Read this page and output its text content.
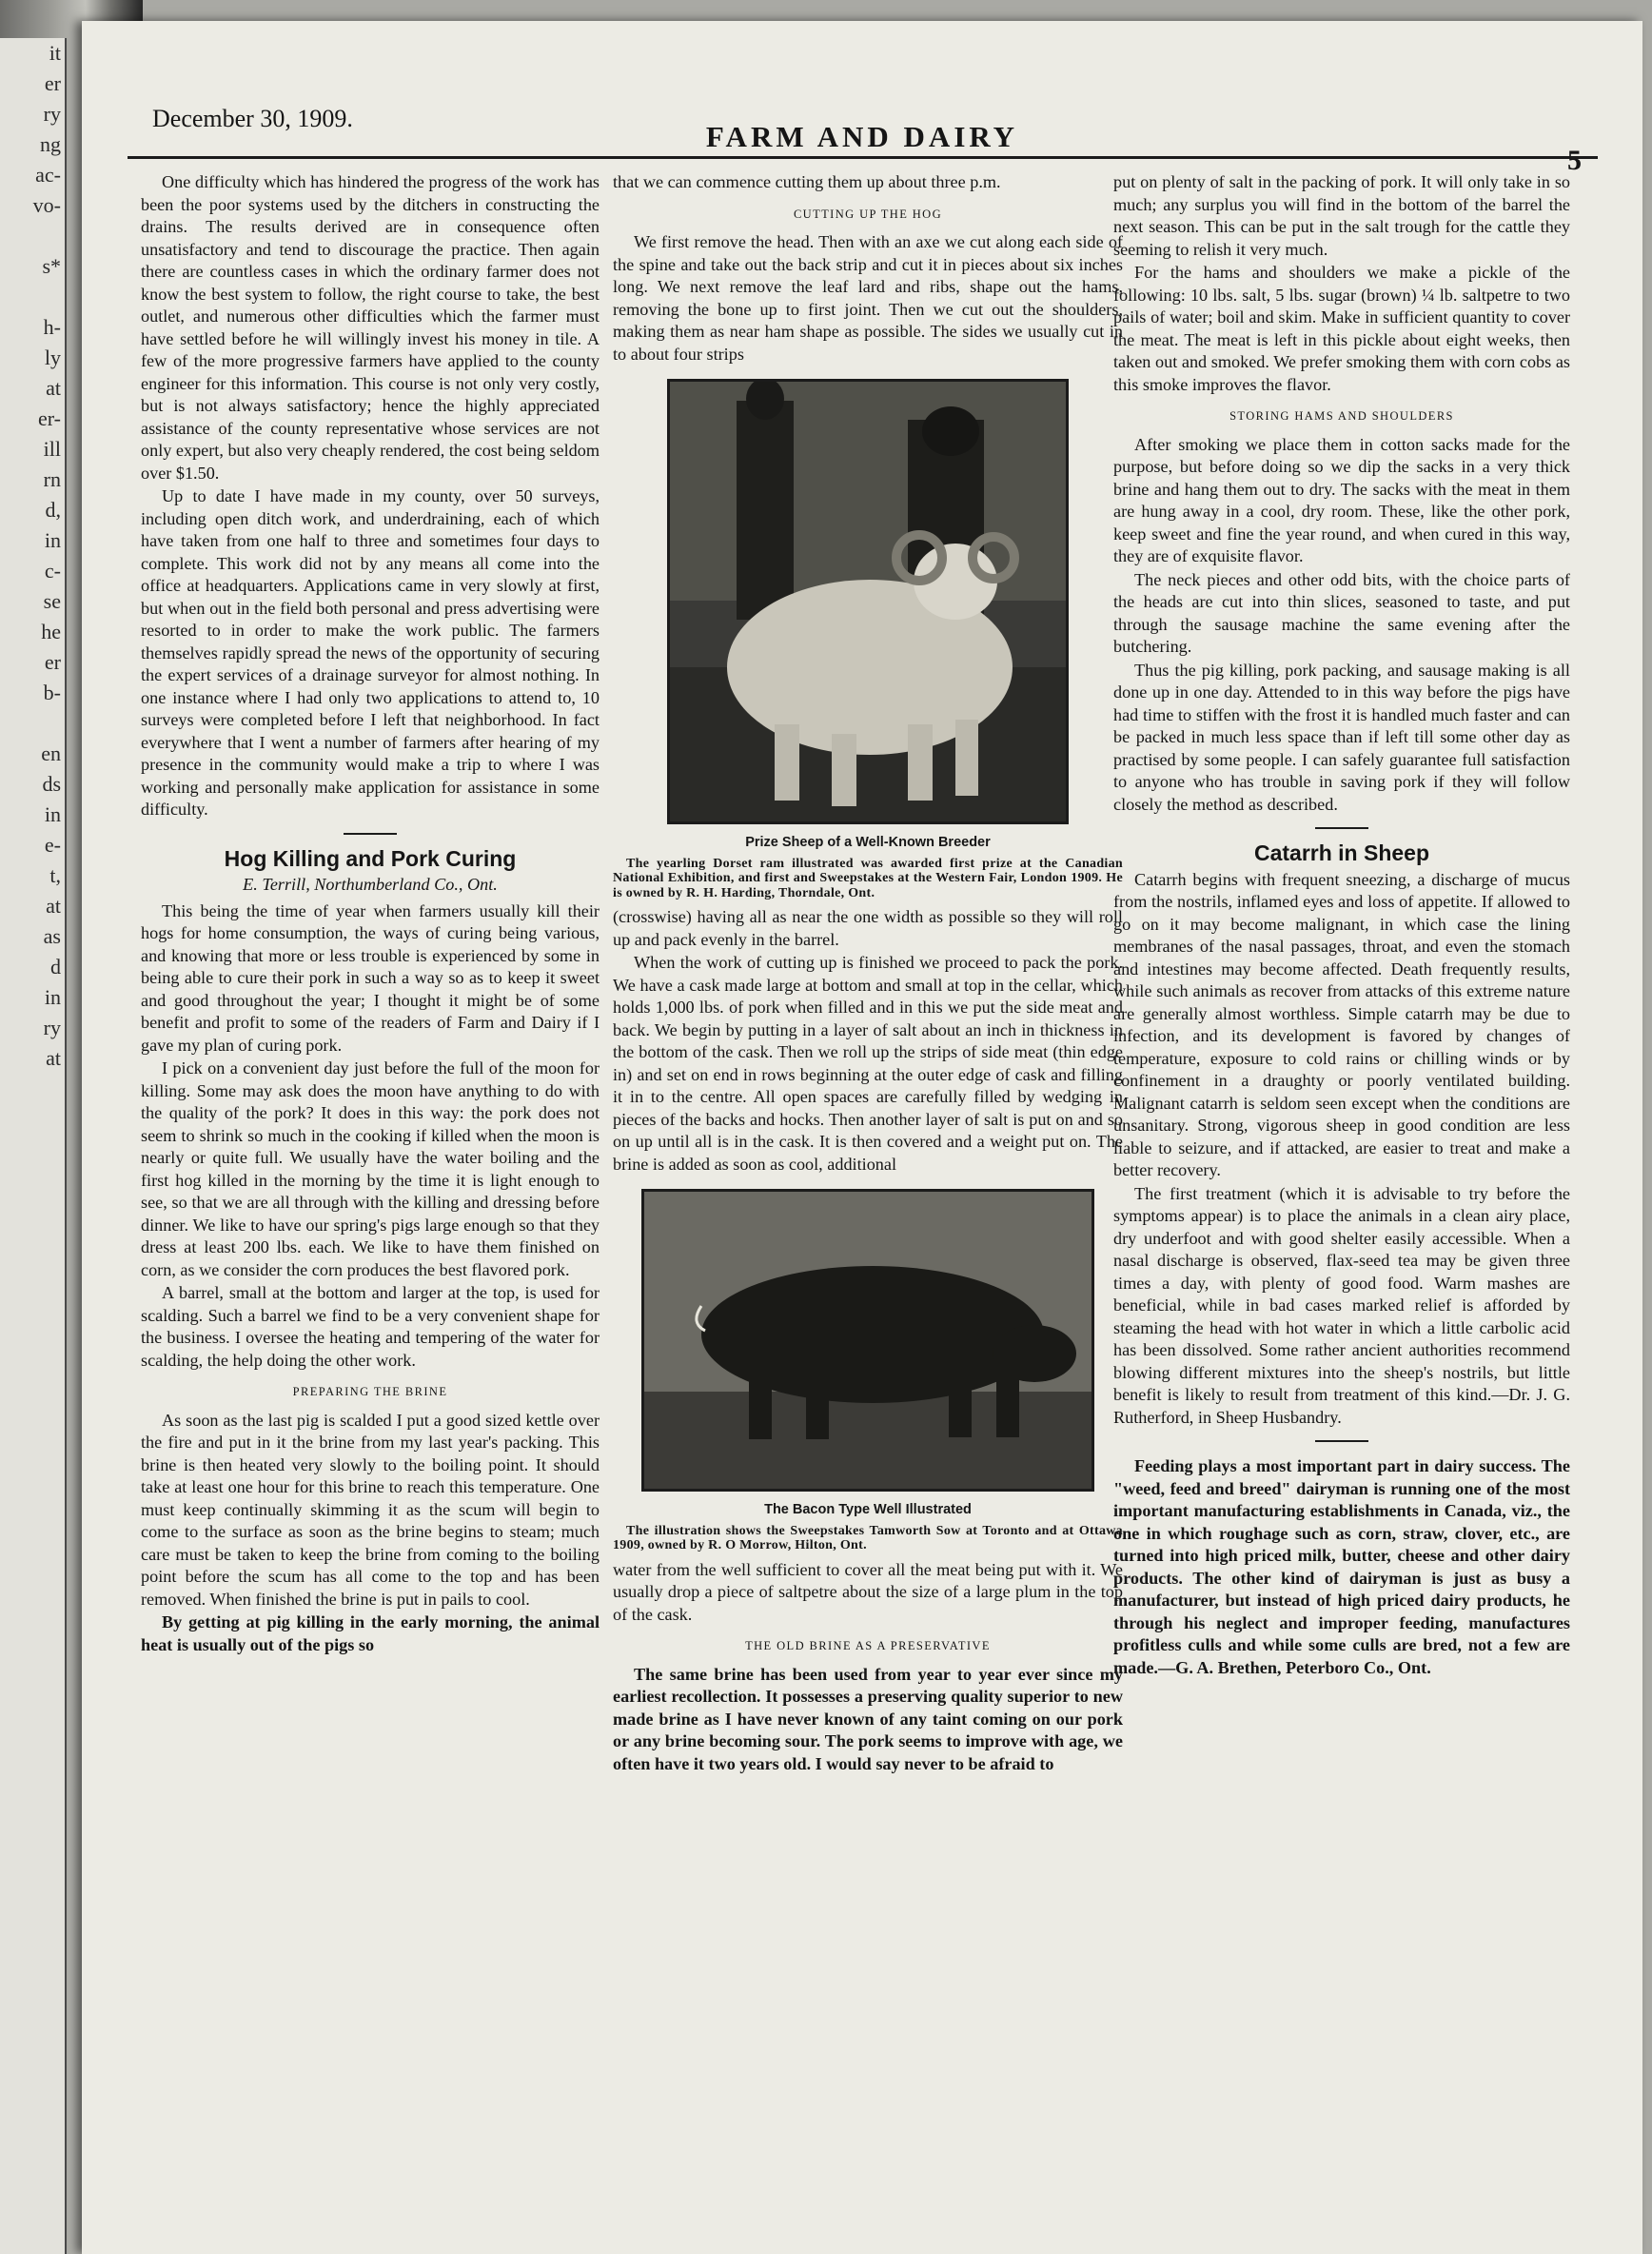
it
er
ry
ng
ac-
vo-

s*

h-
ly
at
er-
ill
rn
d,
in
c-
se
he
er
b-

en
ds
in
e-
t,
at
as
d
in
ry
at
December 30, 1909.
FARM AND DAIRY
5

One difficulty which has hindered the progress of the work has been the poor systems used by the ditchers in constructing the drains. The results derived are in consequence often unsatisfactory and tend to discourage the practice. Then again there are countless cases in which the ordinary farmer does not know the best system to follow, the right course to take, the best outlet, and numerous other difficulties which the farmer must have settled before he will willingly invest his money in tile. A few of the more progressive farmers have applied to the county engineer for this information. This course is not only very costly, but is not always satisfactory; hence the highly appreciated assistance of the county representative whose services are not only expert, but also very cheaply rendered, the cost being seldom over $1.50.

Up to date I have made in my county, over 50 surveys, including open ditch work, and underdraining, each of which have taken from one half to three and sometimes four days to complete. This work did not by any means all come into the office at headquarters. Applications came in very slowly at first, but when out in the field both personal and press advertising were resorted to in order to make the work public. The farmers themselves rapidly spread the news of the opportunity of securing the expert services of a drainage surveyor for almost nothing. In one instance where I had only two applications to attend to, 10 surveys were completed before I left that neighborhood. In fact everywhere that I went a number of farmers after hearing of my presence in the community would make a trip to where I was working and personally make application for assistance in some difficulty.

Hog Killing and Pork Curing
E. Terrill, Northumberland Co., Ont.

This being the time of year when farmers usually kill their hogs for home consumption, the ways of curing being various, and knowing that more or less trouble is experienced by some in being able to cure their pork in such a way so as to keep it sweet and good throughout the year; I thought it might be of some benefit and profit to some of the readers of Farm and Dairy if I gave my plan of curing pork.

I pick on a convenient day just before the full of the moon for killing. Some may ask does the moon have anything to do with the quality of the pork? It does in this way: the pork does not seem to shrink so much in the cooking if killed when the moon is nearly or quite full. We usually have the water boiling and the first hog killed in the morning by the time it is light enough to see, so that we are all through with the killing and dressing before dinner. We like to have our spring's pigs large enough so that they dress at least 200 lbs. each. We like to have them finished on corn, as we consider the corn produces the best flavored pork.

A barrel, small at the bottom and larger at the top, is used for scalding. Such a barrel we find to be a very convenient shape for the business. I oversee the heating and tempering of the water for scalding, the help doing the other work.

PREPARING THE BRINE

As soon as the last pig is scalded I put a good sized kettle over the fire and put in it the brine from my last year's packing. This brine is then heated very slowly to the boiling point. It should take at least one hour for this brine to reach this temperature. One must keep continually skimming it as the scum will begin to come to the surface as soon as the brine begins to steam; much care must be taken to keep the brine from coming to the boiling point before the scum has all come to the top and has been removed. When finished the brine is put in pails to cool.

By getting at pig killing in the early morning, the animal heat is usually out of the pigs so

that we can commence cutting them up about three p.m.

CUTTING UP THE HOG

We first remove the head. Then with an axe we cut along each side of the spine and take out the back strip and cut it in pieces about six inches long. We next remove the leaf lard and ribs, shape out the hams, removing the bone up to first joint. Then we cut out the shoulders, making them as near ham shape as possible. The sides we usually cut in to about four strips

Prize Sheep of a Well-Known Breeder
The yearling Dorset ram illustrated was awarded first prize at the Canadian National Exhibition, and first and Sweepstakes at the Western Fair, London 1909. He is owned by R. H. Harding, Thorndale, Ont.

(crosswise) having all as near the one width as possible so they will roll up and pack evenly in the barrel.

When the work of cutting up is finished we proceed to pack the pork. We have a cask made large at bottom and small at top in the cellar, which holds 1,000 lbs. of pork when filled and in this we put the side meat and back. We begin by putting in a layer of salt about an inch in thickness in the bottom of the cask. Then we roll up the strips of side meat (thin edge in) and set on end in rows beginning at the outer edge of cask and filling it in to the centre. All open spaces are carefully filled by wedging in pieces of the backs and hocks. Then another layer of salt is put on and so on up until all is in the cask. It is then covered and a weight put on. The brine is added as soon as cool, additional

The Bacon Type Well Illustrated
The illustration shows the Sweepstakes Tamworth Sow at Toronto and at Ottawa 1909, owned by R. O Morrow, Hilton, Ont.

water from the well sufficient to cover all the meat being put with it. We usually drop a piece of saltpetre about the size of a large plum in the top of the cask.

THE OLD BRINE AS A PRESERVATIVE

The same brine has been used from year to year ever since my earliest recollection. It possesses a preserving quality superior to new made brine as I have never known of any taint coming on our pork or any brine becoming sour. The pork seems to improve with age, we often have it two years old. I would say never to be afraid to

put on plenty of salt in the packing of pork. It will only take in so much; any surplus you will find in the bottom of the barrel the next season. This can be put in the salt trough for the cattle they seeming to relish it very much.

For the hams and shoulders we make a pickle of the following: 10 lbs. salt, 5 lbs. sugar (brown) ¼ lb. saltpetre to two pails of water; boil and skim. Make in sufficient quantity to cover the meat. The meat is left in this pickle about eight weeks, then taken out and smoked. We prefer smoking them with corn cobs as this smoke improves the flavor.

STORING HAMS AND SHOULDERS

After smoking we place them in cotton sacks made for the purpose, but before doing so we dip the sacks in a very thick brine and hang them out to dry. The sacks with the meat in them are hung away in a cool, dry room. These, like the other pork, keep sweet and fine the year round, and when cured in this way, they are of exquisite flavor.

The neck pieces and other odd bits, with the choice parts of the heads are cut into thin slices, seasoned to taste, and put through the sausage machine the same evening after the butchering.

Thus the pig killing, pork packing, and sausage making is all done up in one day. Attended to in this way before the pigs have had time to stiffen with the frost it is handled much faster and can be packed in much less space than if left till some other day as practised by some people. I can safely guarantee full satisfaction to anyone who has trouble in saving pork if they will follow closely the method as described.

Catarrh in Sheep

Catarrh begins with frequent sneezing, a discharge of mucus from the nostrils, inflamed eyes and loss of appetite. If allowed to go on it may become malignant, in which case the lining membranes of the nasal passages, throat, and even the stomach and intestines may become affected. Death frequently results, while such animals as recover from attacks of this extreme nature are generally almost worthless. Simple catarrh may be due to infection, and its development is favored by changes of temperature, exposure to cold rains or chilling winds or by confinement in a draughty or poorly ventilated building. Malignant catarrh is seldom seen except when the conditions are unsanitary. Strong, vigorous sheep in good condition are less liable to seizure, and if attacked, are easier to treat and make a better recovery.

The first treatment (which it is advisable to try before the symptoms appear) is to place the animals in a clean airy place, dry underfoot and with good shelter easily accessible. When a nasal discharge is observed, flax-seed tea may be given three times a day, with plenty of good food. Warm mashes are beneficial, while in bad cases marked relief is afforded by steaming the head with hot water in which a little carbolic acid has been dissolved. Some rather ancient authorities recommend blowing different mixtures into the sheep's nostrils, but little benefit is likely to result from treatment of this kind.—Dr. J. G. Rutherford, in Sheep Husbandry.

Feeding plays a most important part in dairy success. The "weed, feed and breed" dairyman is running one of the most important manufacturing establishments in Canada, viz., the one in which roughage such as corn, straw, clover, etc., are turned into high priced milk, butter, cheese and other dairy products. The other kind of dairyman is just as busy a manufacturer, but instead of high priced dairy products, he through his neglect and improper feeding, manufactures profitless culls and while some culls are bred, not a few are made.—G. A. Brethen, Peterboro Co., Ont.
